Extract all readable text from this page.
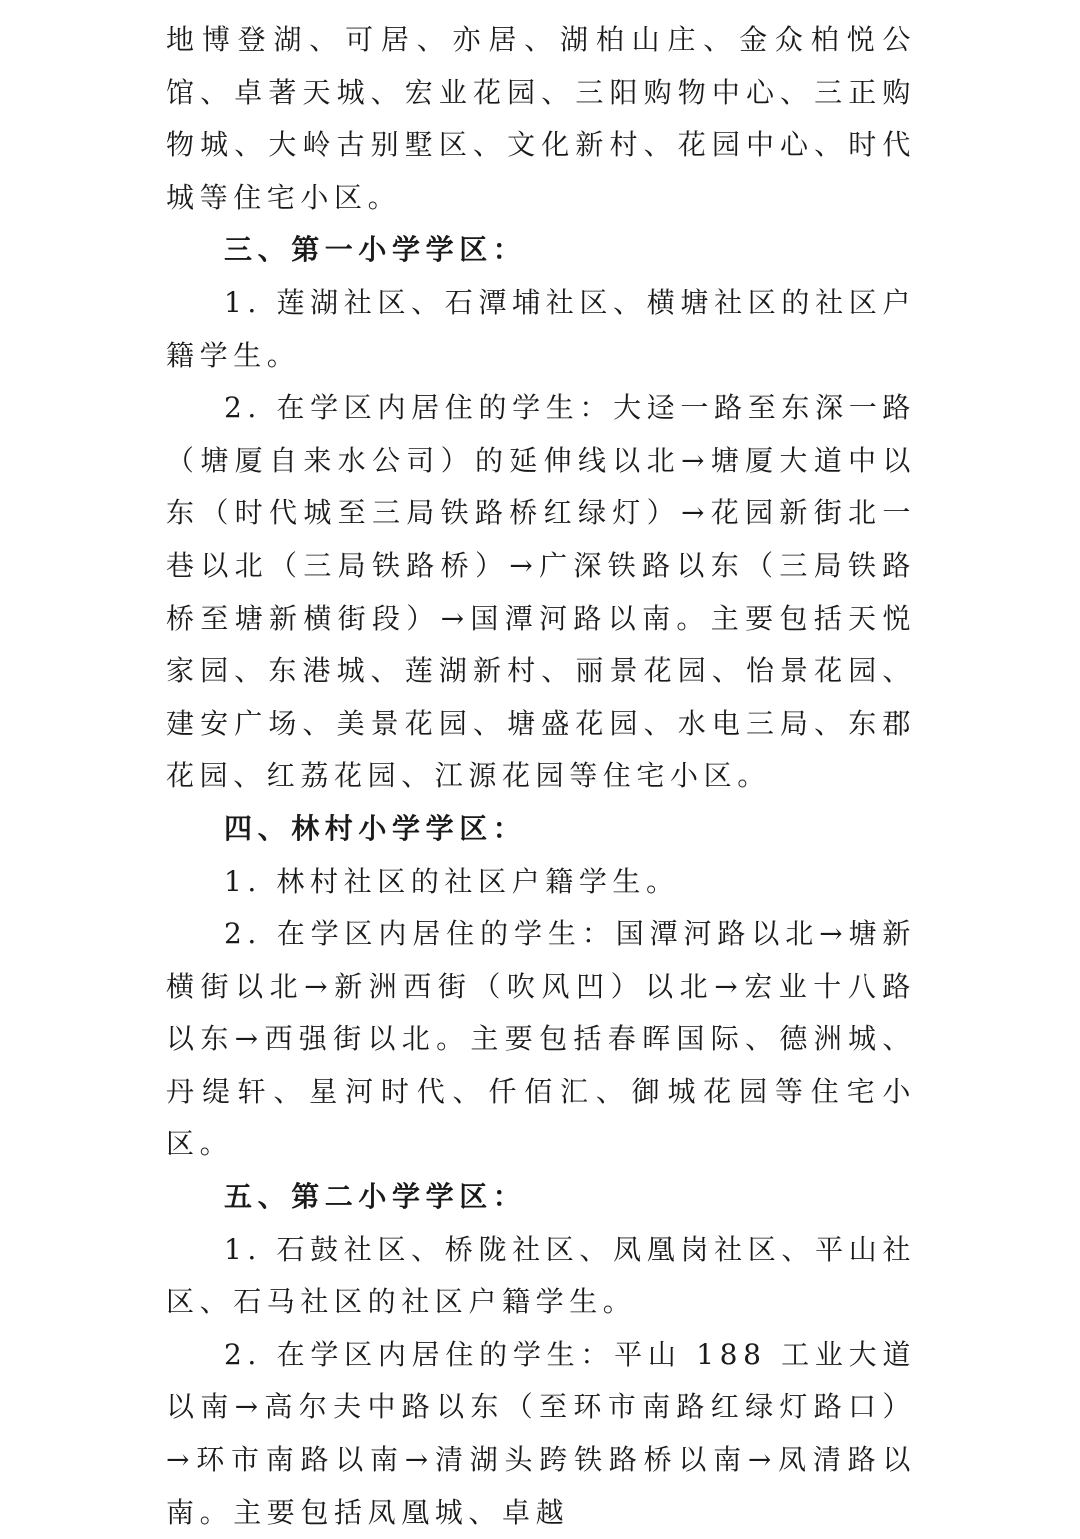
地博登湖、可居、亦居、湖柏山庄、金众柏悦公馆、卓著天城、宏业花园、三阳购物中心、三正购物城、大岭古别墅区、文化新村、花园中心、时代城等住宅小区。

三、第一小学学区：

1. 莲湖社区、石潭埔社区、横塘社区的社区户籍学生。

2. 在学区内居住的学生：大迳一路至东深一路（塘厦自来水公司）的延伸线以北→塘厦大道中以东（时代城至三局铁路桥红绿灯）→花园新街北一巷以北（三局铁路桥）→广深铁路以东（三局铁路桥至塘新横街段）→国潭河路以南。主要包括天悦家园、东港城、莲湖新村、丽景花园、怡景花园、建安广场、美景花园、塘盛花园、水电三局、东郡花园、红荔花园、江源花园等住宅小区。

四、林村小学学区：

1. 林村社区的社区户籍学生。

2. 在学区内居住的学生：国潭河路以北→塘新横街以北→新洲西街（吹风凹）以北→宏业十八路以东→西强街以北。主要包括春晖国际、德洲城、丹缇轩、星河时代、仟佰汇、御城花园等住宅小区。

五、第二小学学区：

1. 石鼓社区、桥陇社区、凤凰岗社区、平山社区、石马社区的社区户籍学生。

2. 在学区内居住的学生：平山 188 工业大道以南→高尔夫中路以东（至环市南路红绿灯路口）→环市南路以南→清湖头跨铁路桥以南→凤清路以南。主要包括凤凰城、卓越
